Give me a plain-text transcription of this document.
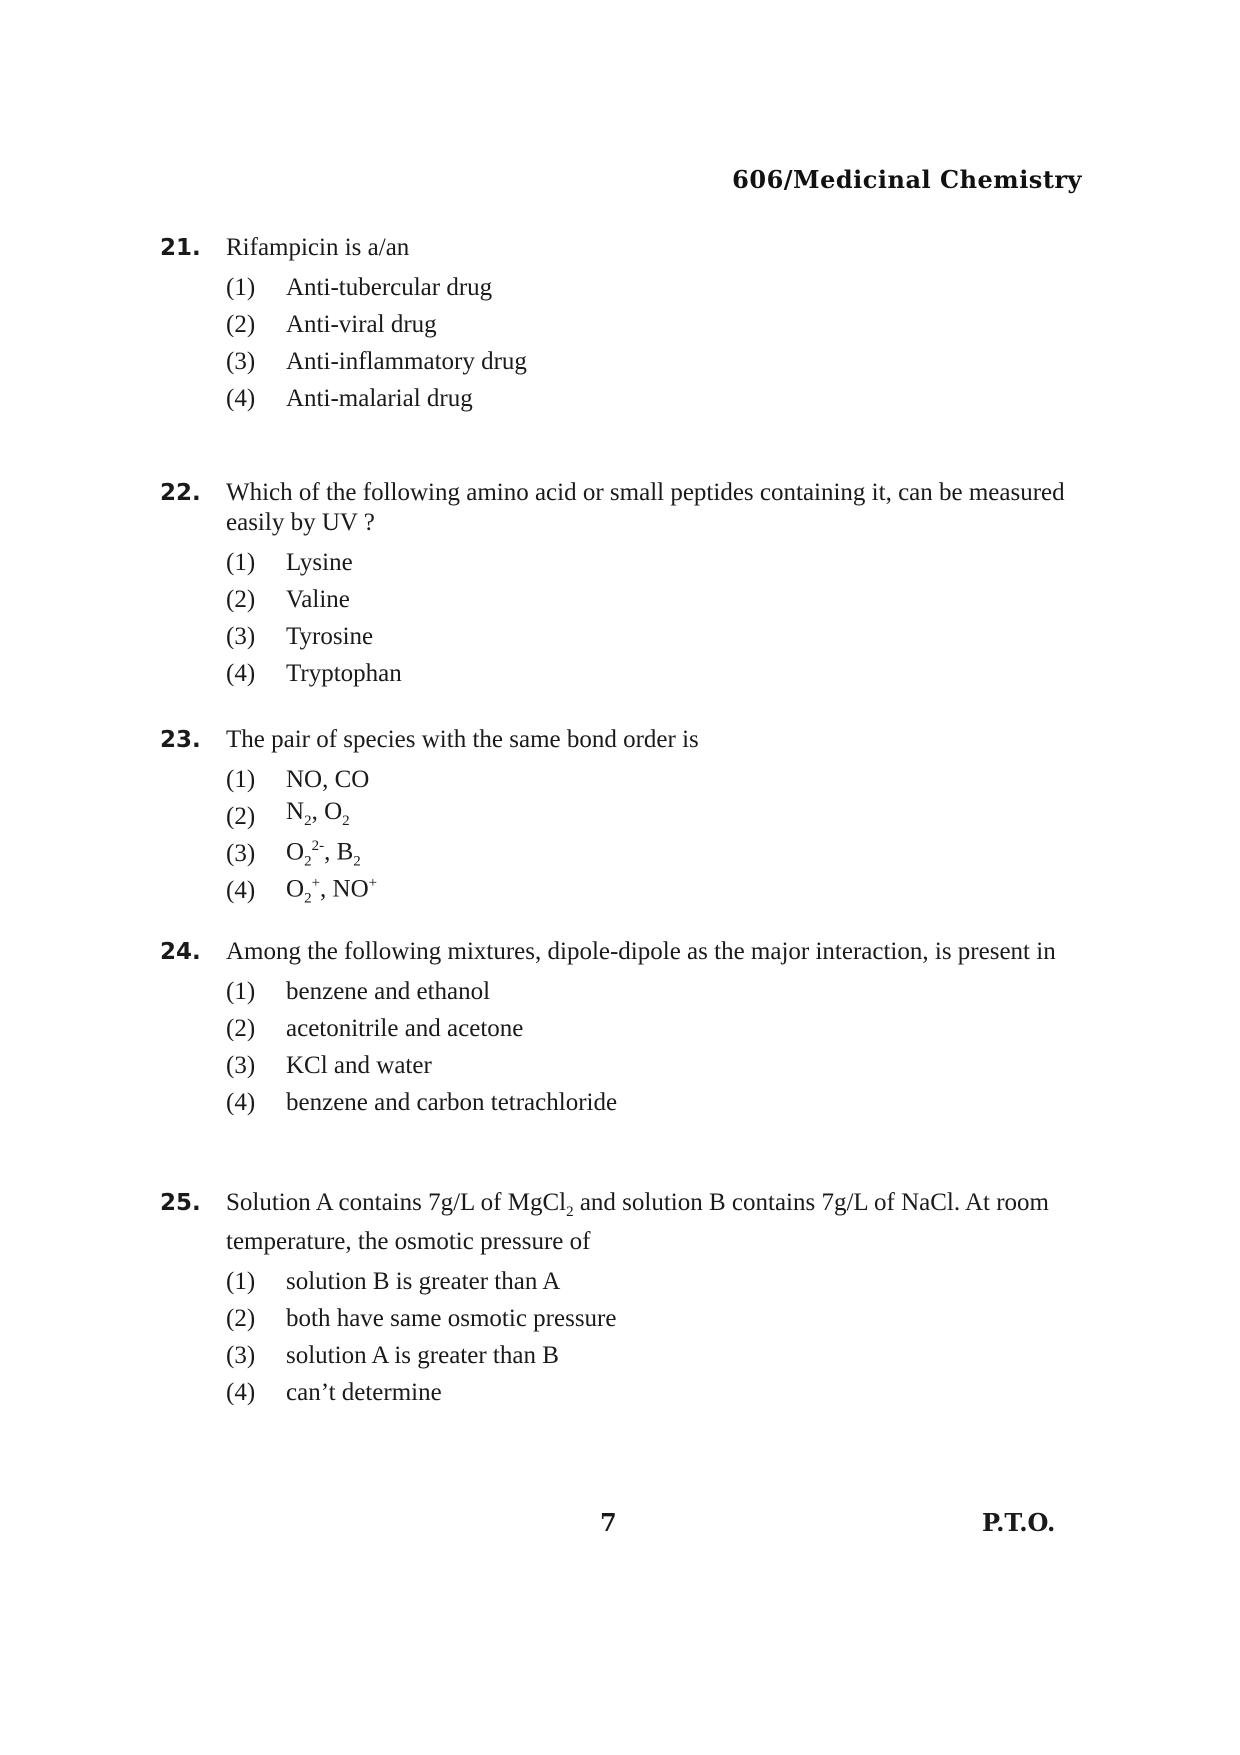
606/Medicinal Chemistry
21. Rifampicin is a/an
(1)	Anti-tubercular drug
(2)	Anti-viral drug
(3)	Anti-inflammatory drug
(4)	Anti-malarial drug
22. Which of the following amino acid or small peptides containing it, can be measured easily by UV ?
(1)	Lysine
(2)	Valine
(3)	Tyrosine
(4)	Tryptophan
23. The pair of species with the same bond order is
(1)	NO, CO
(2)	$N_2$, $O_2$
(3)	$O_2^{2-}$, $B_2$
(4)	$O_2^+$, NO+
24. Among the following mixtures, dipole-dipole as the major interaction, is present in
(1)	benzene and ethanol
(2)	acetonitrile and acetone
(3)	KCl and water
(4)	benzene and carbon tetrachloride
25. Solution A contains 7g/L of MgCl$_2$ and solution B contains 7g/L of NaCl. At room temperature, the osmotic pressure of
(1)	solution B is greater than A
(2)	both have same osmotic pressure
(3)	solution A is greater than B
(4)	can’t determine
7	P.T.O.
